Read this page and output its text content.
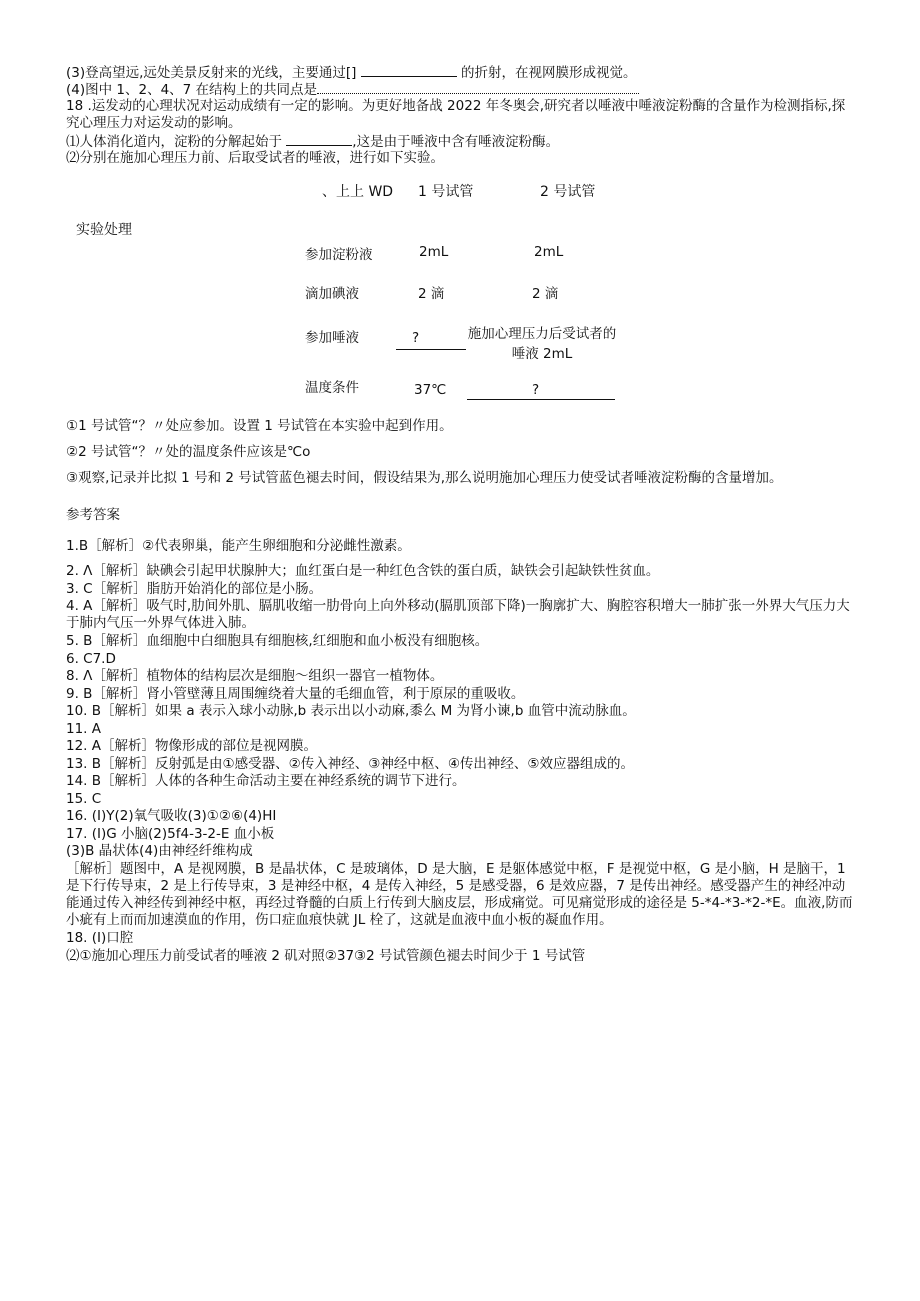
(3)登高望远,远处美景反射来的光线，主要通过[]	的折射，在视网膜形成视觉。
(4)图中 1、2、4、7 在结构上的共同点是
18 .运发动的心理状况对运动成绩有一定的影响。为更好地备战 2022 年冬奥会,研究者以唾液中唾液淀粉酶的含量作为检测指标,探究心理压力对运发动的影响。
⑴人体消化道内，淀粉的分解起始于	,这是由于唾液中含有唾液淀粉酶。
⑵分别在施加心理压力前、后取受试者的唾液，进行如下实验。
、上上 WD 1 号试管	2 号试管
实验处理
参加淀粉液	2mL	2mL
滴加碘液	2 滴	2 滴
参加唾液	?	施加心理压力后受试者的唾液 2mL
温度条件	37℃	?
①1 号试管“？〃处应参加。设置 1 号试管在本实验中起到作用。
②2 号试管“？〃处的温度条件应该是℃o
③观察,记录并比拟 1 号和 2 号试管蓝色褪去时间，假设结果为,那么说明施加心理压力使受试者唾液淀粉酶的含量增加。
参考答案
1.B［解析］②代表卵巢，能产生卵细胞和分泌雌性激素。
2. Λ［解析］缺碘会引起甲状腺肿大；血红蛋白是一种红色含铁的蛋白质，缺铁会引起缺铁性贫血。
3. C［解析］脂肪开始消化的部位是小肠。
4. A［解析］吸气时,肋间外肌、膈肌收缩一肋骨向上向外移动(膈肌顶部下降)一胸廓扩大、胸腔容积增大一肺扩张一外界大气压力大于肺内气压一外界气体进入肺。
5. B［解析］血细胞中白细胞具有细胞核,红细胞和血小板没有细胞核。
6. C7.D
8. Λ［解析］植物体的结构层次是细胞〜组织一器官一植物体。
9. B［解析］肾小管壁薄且周围缠绕着大量的毛细血管，利于原尿的重吸收。
10. B［解析］如果 a 表示入球小动脉,b 表示出以小动麻,黍么 M 为肾小谏,b 血管中流动脉血。
11. A
12. A［解析］物像形成的部位是视网膜。
13. B［解析］反射弧是由①感受器、②传入神经、③神经中枢、④传出神经、⑤效应器组成的。
14. B［解析］人体的各种生命活动主要在神经系统的调节下进行。
15. C
16. (I)Y(2)氧气吸收(3)①②⑥(4)HI
17. (I)G 小脑(2)5f4-3-2-E 血小板
(3)B 晶状体(4)由神经纤维构成
［解析］题图中，A 是视网膜，B 是晶状体，C 是玻璃体，D 是大脑，E 是躯体感觉中枢，F 是视觉中枢，G 是小脑，H 是脑干，1 是下行传导束，2 是上行传导束，3 是神经中枢，4 是传入神经，5 是感受器，6 是效应器，7 是传出神经。感受器产生的神经冲动能通过传入神经传到神经中枢，再经过脊髓的白质上行传到大脑皮层，形成痛觉。可见痛觉形成的途径是 5-*4-*3-*2-*E。血液,防而小疵有上而而加速漠血的作用，伤口症血痕快就 JL 栓了，这就是血液中血小板的凝血作用。
18. (I)口腔
⑵①施加心理压力前受试者的唾液 2 矶对照②37③2 号试管颜色褪去时间少于 1 号试管
